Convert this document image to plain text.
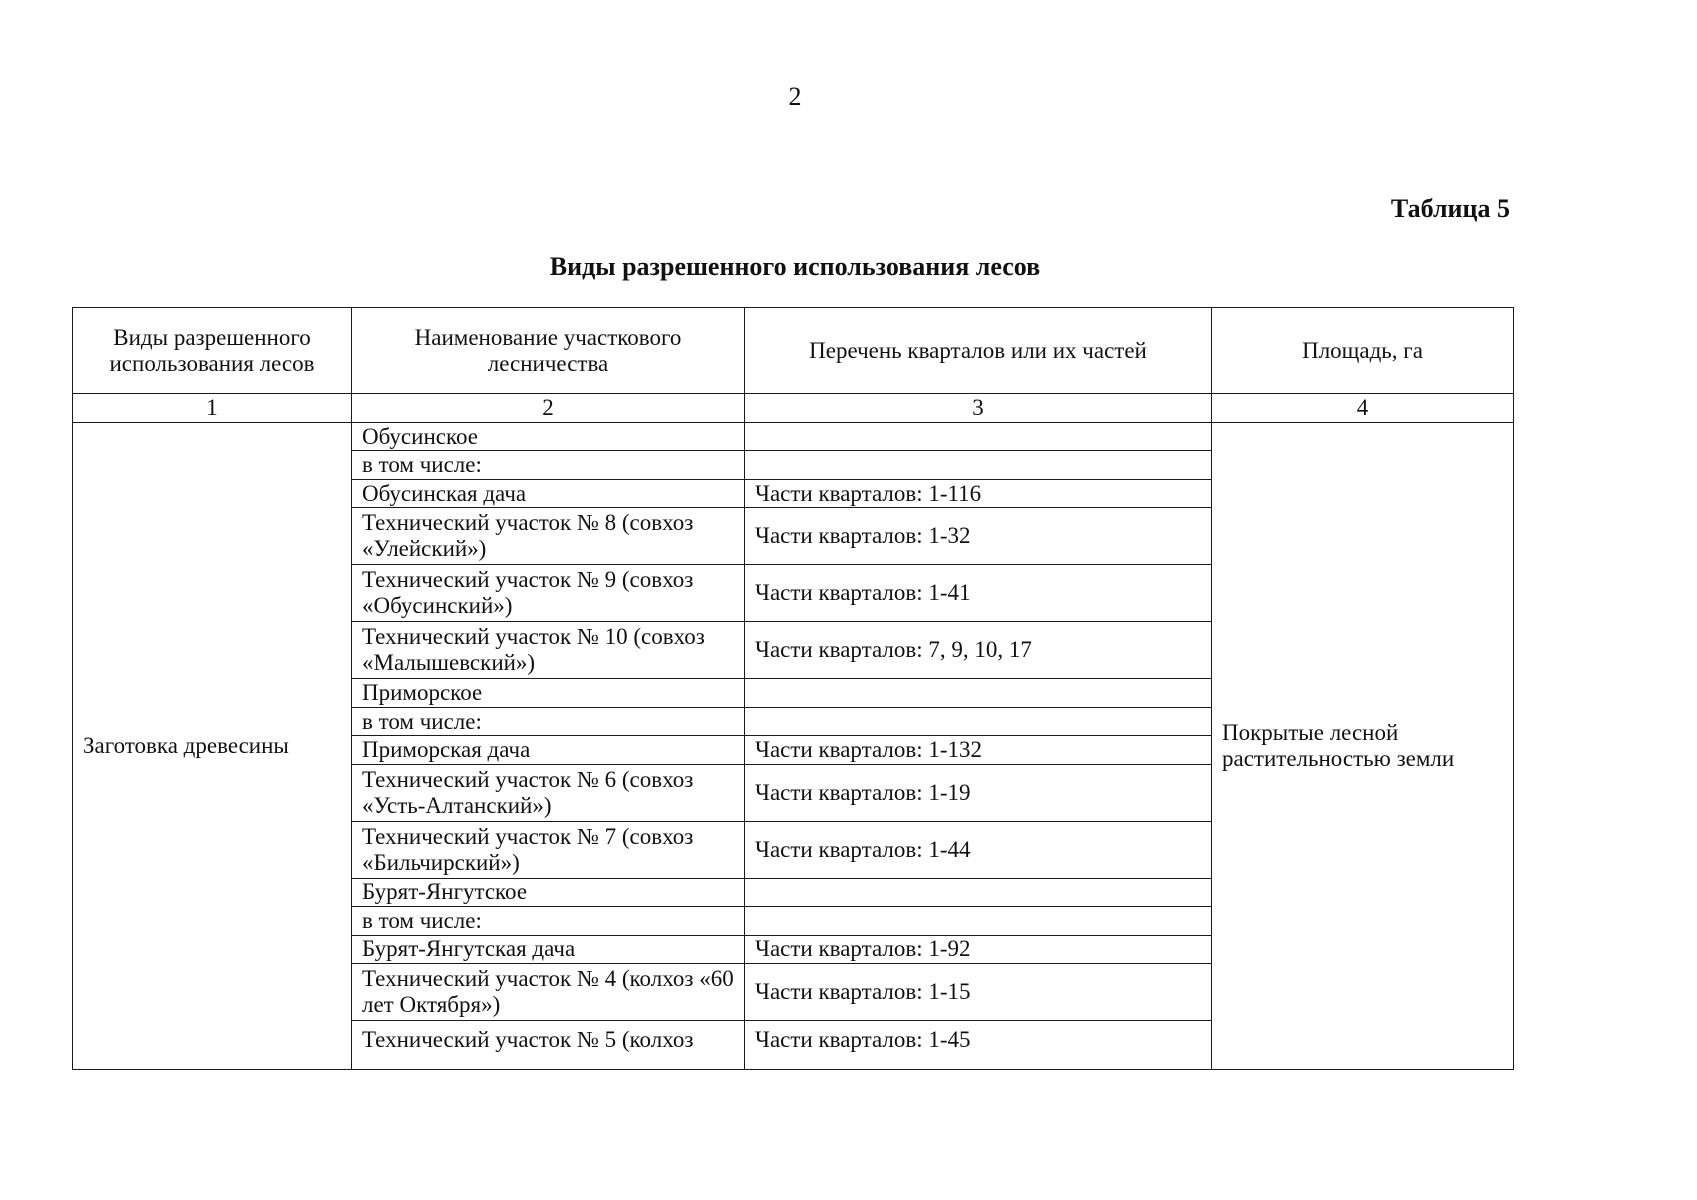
2
Таблица 5
Виды разрешенного использования лесов
Виды разрешенного использования лесов	Наименование участкового лесничества	Перечень кварталов или их частей	Площадь, га
1	2	3	4
Заготовка древесины	Обусинское		Покрытые лесной растительностью земли
	в том числе:		
	Обусинская дача	Части кварталов: 1-116	
	Технический участок № 8 (совхоз «Улейский»)	Части кварталов: 1-32	
	Технический участок № 9 (совхоз «Обусинский»)	Части кварталов: 1-41	
	Технический участок № 10 (совхоз «Малышевский»)	Части кварталов: 7, 9, 10, 17	
	Приморское		
	в том числе:		
	Приморская дача	Части кварталов: 1-132	
	Технический участок № 6 (совхоз «Усть-Алтанский»)	Части кварталов: 1-19	
	Технический участок № 7 (совхоз «Бильчирский»)	Части кварталов: 1-44	
	Бурят-Янгутское		
	в том числе:		
	Бурят-Янгутская дача	Части кварталов: 1-92	
	Технический участок № 4 (колхоз «60 лет Октября»)	Части кварталов: 1-15	
	Технический участок № 5 (колхоз	Части кварталов: 1-45	
